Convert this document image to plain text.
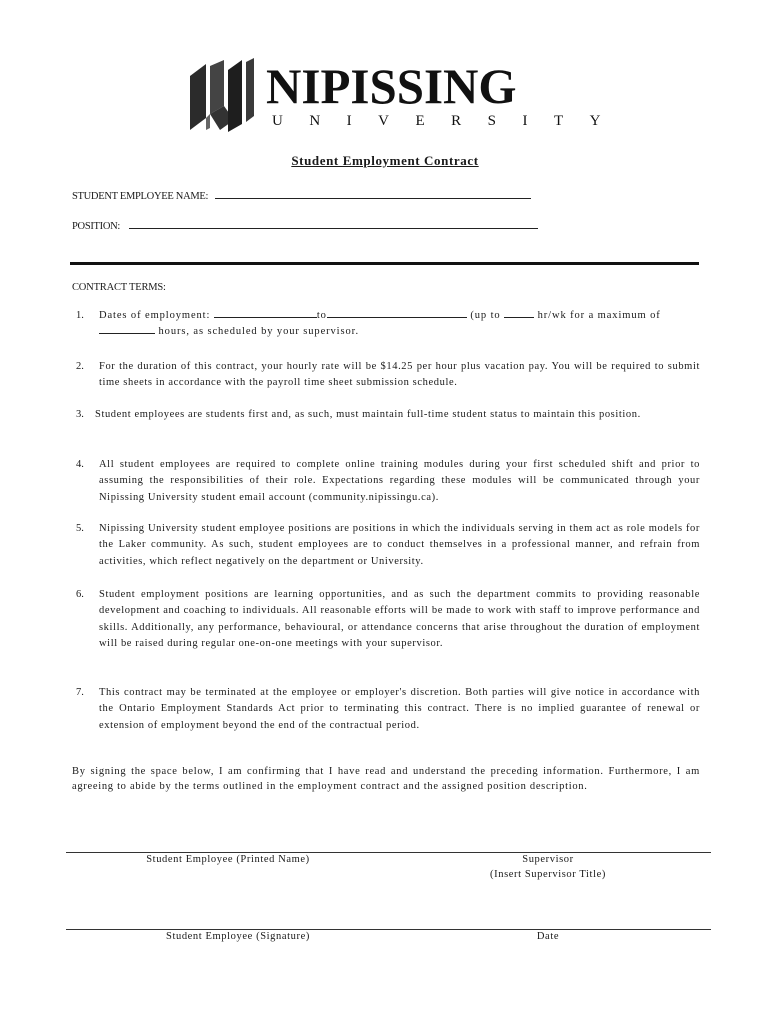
NIPISSING
UNIVERSITY
Student Employment Contract
STUDENT EMPLOYEE NAME:
POSITION:
CONTRACT TERMS:
1. Dates of employment:	to	(up to	hr/wk for a maximum of
hours, as scheduled by your supervisor.
2. For the duration of this contract, your hourly rate will be $14.25 per hour plus vacation pay. You will be required to submit time sheets in accordance with the payroll time sheet submission schedule.
3. Student employees are students first and, as such, must maintain full-time student status to maintain this position.
4. All student employees are required to complete online training modules during your first scheduled shift and prior to assuming the responsibilities of their role. Expectations regarding these modules will be communicated through your Nipissing University student email account (community.nipissingu.ca).
5. Nipissing University student employee positions are positions in which the individuals serving in them act as role models for the Laker community. As such, student employees are to conduct themselves in a professional manner, and refrain from activities, which reflect negatively on the department or University.
6. Student employment positions are learning opportunities, and as such the department commits to providing reasonable development and coaching to individuals. All reasonable efforts will be made to work with staff to improve performance and skills. Additionally, any performance, behavioural, or attendance concerns that arise throughout the duration of employment will be raised during regular one-on-one meetings with your supervisor.
7. This contract may be terminated at the employee or employer's discretion. Both parties will give notice in accordance with the Ontario Employment Standards Act prior to terminating this contract. There is no implied guarantee of renewal or extension of employment beyond the end of the contractual period.
By signing the space below, I am confirming that I have read and understand the preceding information. Furthermore, I am agreeing to abide by the terms outlined in the employment contract and the assigned position description.
Student Employee (Printed Name)	Supervisor
(Insert Supervisor Title)
Student Employee (Signature)	Date
